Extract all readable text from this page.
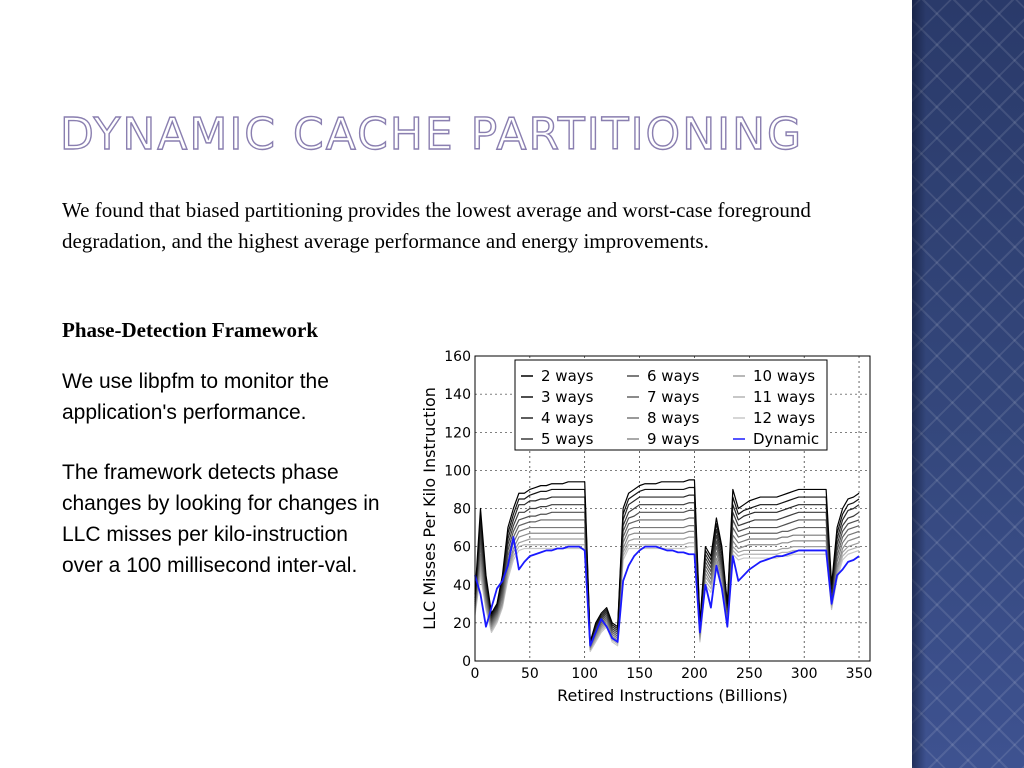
DYNAMIC CACHE PARTITIONING

We found that biased partitioning provides the lowest average and worst-case foreground degradation, and the highest average performance and energy improvements.

Phase-Detection Framework

We use libpfm to monitor the application's performance.

The framework detects phase changes by looking for changes in LLC misses per kilo-instruction over a 100 millisecond inter-val.

0
20
40
60
80
100
120
140
160
0	50 100 150 200 250 300 350
Retired Instructions (Billions)
LLC Misses Per Kilo Instruction
2 ways
3 ways
4 ways
5 ways
6 ways
7 ways
8 ways
9 ways
10 ways
11 ways
12 ways
Dynamic
